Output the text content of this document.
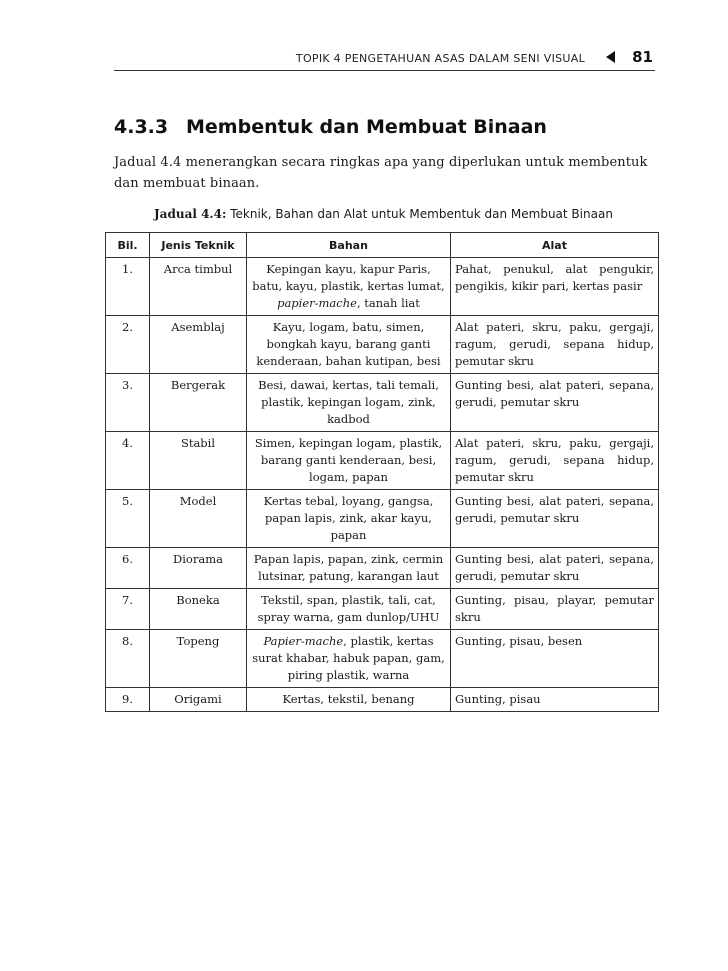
TOPIK 4 PENGETAHUAN ASAS DALAM SENI VISUAL	81
4.3.3 Membentuk dan Membuat Binaan
Jadual 4.4 menerangkan secara ringkas apa yang diperlukan untuk membentuk dan membuat binaan.
Jadual 4.4: Teknik, Bahan dan Alat untuk Membentuk dan Membuat Binaan
Bil.	Jenis Teknik	Bahan	Alat
1.	Arca timbul	Kepingan kayu, kapur Paris, batu, kayu, plastik, kertas lumat, papier-mache, tanah liat	Pahat, penukul, alat pengukir, pengikis, kikir pari, kertas pasir
2.	Asemblaj	Kayu, logam, batu, simen, bongkah kayu, barang ganti kenderaan, bahan kutipan, besi	Alat pateri, skru, paku, gergaji, ragum, gerudi, sepana hidup, pemutar skru
3.	Bergerak	Besi, dawai, kertas, tali temali, plastik, kepingan logam, zink, kadbod	Gunting besi, alat pateri, sepana, gerudi, pemutar skru
4.	Stabil	Simen, kepingan logam, plastik, barang ganti kenderaan, besi, logam, papan	Alat pateri, skru, paku, gergaji, ragum, gerudi, sepana hidup, pemutar skru
5.	Model	Kertas tebal, loyang, gangsa, papan lapis, zink, akar kayu, papan	Gunting besi, alat pateri, sepana, gerudi, pemutar skru
6.	Diorama	Papan lapis, papan, zink, cermin lutsinar, patung, karangan laut	Gunting besi, alat pateri, sepana, gerudi, pemutar skru
7.	Boneka	Tekstil, span, plastik, tali, cat, spray warna, gam dunlop/UHU	Gunting, pisau, playar, pemutar skru
8.	Topeng	Papier-mache, plastik, kertas surat khabar, habuk papan, gam, piring plastik, warna	Gunting, pisau, besen
9.	Origami	Kertas, tekstil, benang	Gunting, pisau
